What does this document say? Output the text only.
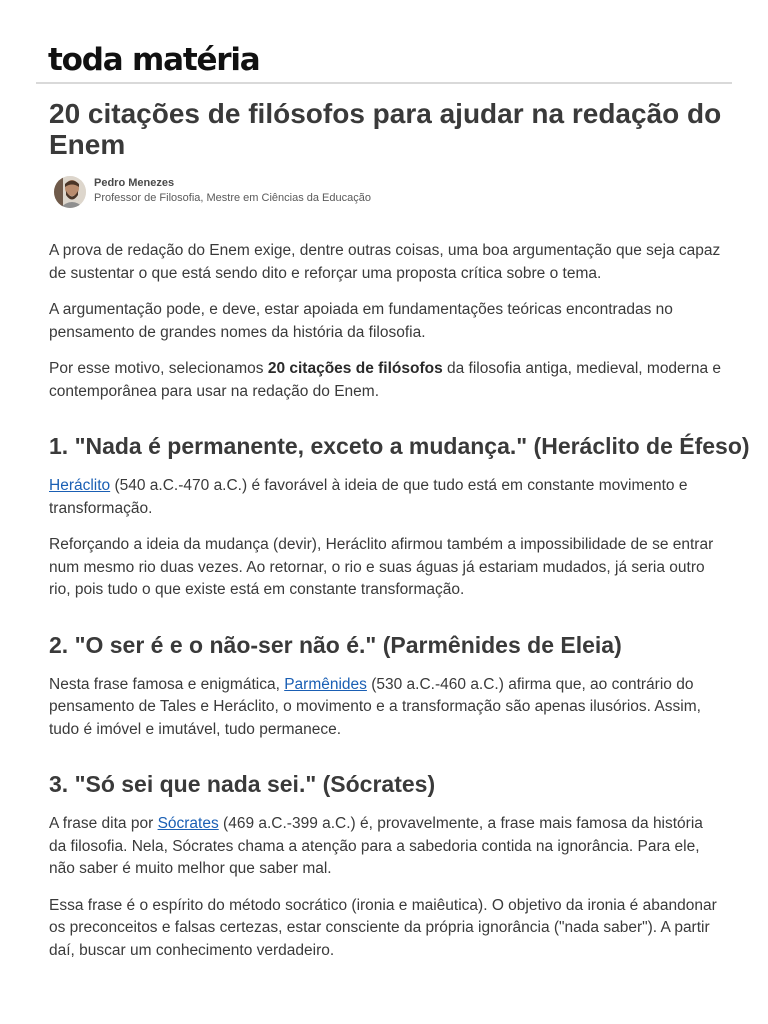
toda matéria
20 citações de filósofos para ajudar na redação do Enem
Pedro Menezes
Professor de Filosofia, Mestre em Ciências da Educação

A prova de redação do Enem exige, dentre outras coisas, uma boa argumentação que seja capaz de sustentar o que está sendo dito e reforçar uma proposta crítica sobre o tema.

A argumentação pode, e deve, estar apoiada em fundamentações teóricas encontradas no pensamento de grandes nomes da história da filosofia.

Por esse motivo, selecionamos 20 citações de filósofos da filosofia antiga, medieval, moderna e contemporânea para usar na redação do Enem.

1. "Nada é permanente, exceto a mudança." (Heráclito de Éfeso)

Heráclito (540 a.C.-470 a.C.) é favorável à ideia de que tudo está em constante movimento e transformação.

Reforçando a ideia da mudança (devir), Heráclito afirmou também a impossibilidade de se entrar num mesmo rio duas vezes. Ao retornar, o rio e suas águas já estariam mudados, já seria outro rio, pois tudo o que existe está em constante transformação.

2. "O ser é e o não-ser não é." (Parmênides de Eleia)

Nesta frase famosa e enigmática, Parmênides (530 a.C.-460 a.C.) afirma que, ao contrário do pensamento de Tales e Heráclito, o movimento e a transformação são apenas ilusórios. Assim, tudo é imóvel e imutável, tudo permanece.

3. "Só sei que nada sei." (Sócrates)

A frase dita por Sócrates (469 a.C.-399 a.C.) é, provavelmente, a frase mais famosa da história da filosofia. Nela, Sócrates chama a atenção para a sabedoria contida na ignorância. Para ele, não saber é muito melhor que saber mal.

Essa frase é o espírito do método socrático (ironia e maiêutica). O objetivo da ironia é abandonar os preconceitos e falsas certezas, estar consciente da própria ignorância ("nada saber"). A partir daí, buscar um conhecimento verdadeiro.
